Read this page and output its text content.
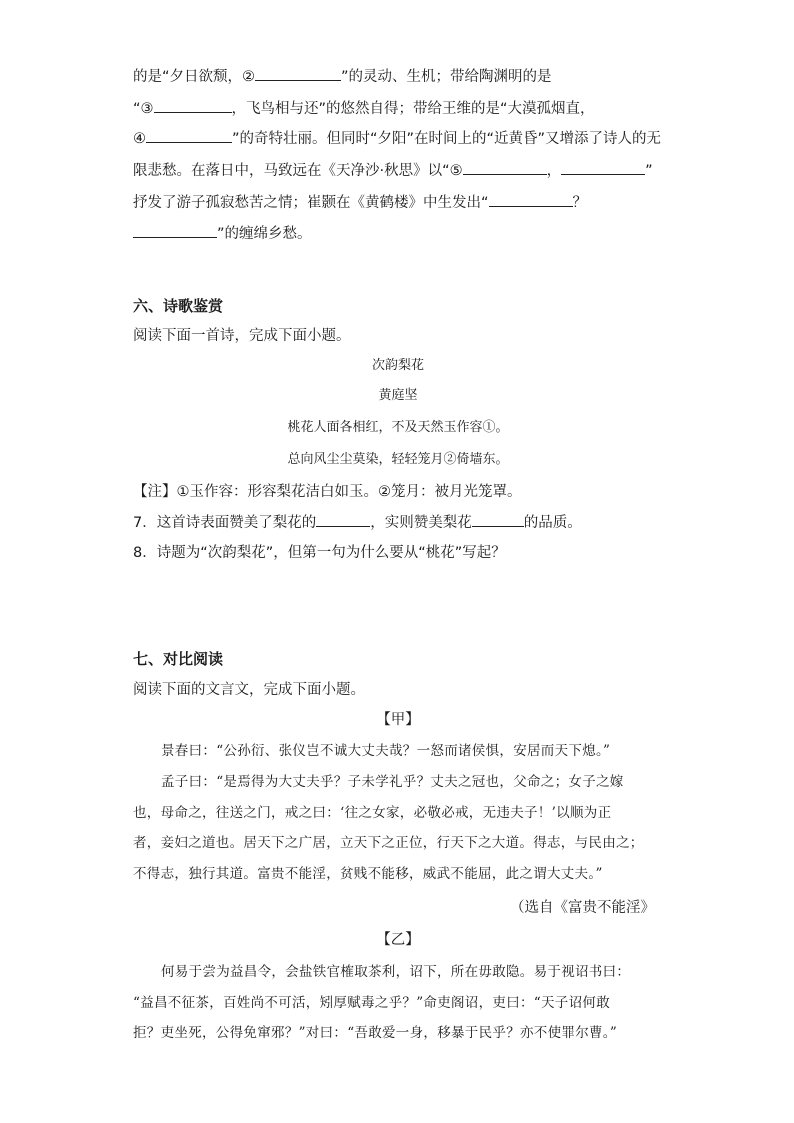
的是“夕日欲颓，②	”的灵动、生机；带给陶渊明的是
“③	，飞鸟相与还”的悠然自得；带给王维的是“大漠孤烟直，
④	”的奇特壮丽。但同时“夕阳”在时间上的“近黄昏”又增添了诗人的无
限悲愁。在落日中，马致远在《天净沙·秋思》以“⑤	，	”
抒发了游子孤寂愁苦之情；崔颢在《黄鹤楼》中生发出“	？
”的缠绵乡愁。
六、诗歌鉴赏
阅读下面一首诗，完成下面小题。
次韵梨花
黄庭坚
桃花人面各相红，不及天然玉作容①。
总向风尘尘莫染，轻轻笼月②倚墙东。
【注】①玉作容：形容梨花洁白如玉。②笼月：被月光笼罩。
7．这首诗表面赞美了梨花的	，实则赞美梨花	的品质。
8．诗题为“次韵梨花”，但第一句为什么要从“桃花”写起？
七、对比阅读
阅读下面的文言文，完成下面小题。
【甲】
景春曰：“公孙衍、张仪岂不诚大丈夫哉？一怒而诸侯惧，安居而天下熄。”
孟子曰：“是焉得为大丈夫乎？子未学礼乎？丈夫之冠也，父命之；女子之嫁
也，母命之，往送之门，戒之曰：‘往之女家，必敬必戒，无违夫子！’以顺为正
者，妾妇之道也。居天下之广居，立天下之正位，行天下之大道。得志，与民由之；
不得志，独行其道。富贵不能淫，贫贱不能移，威武不能屈，此之谓大丈夫。”
（选自《富贵不能淫》
【乙】
何易于尝为益昌令，会盐铁官榷取茶利，诏下，所在毋敢隐。易于视诏书曰：
“益昌不征茶，百姓尚不可活，矧厚赋毒之乎？”命吏阁诏，吏曰：“天子诏何敢
拒？吏坐死，公得免窜邪？”对曰：“吾敢爱一身，移暴于民乎？亦不使罪尔曹。”
